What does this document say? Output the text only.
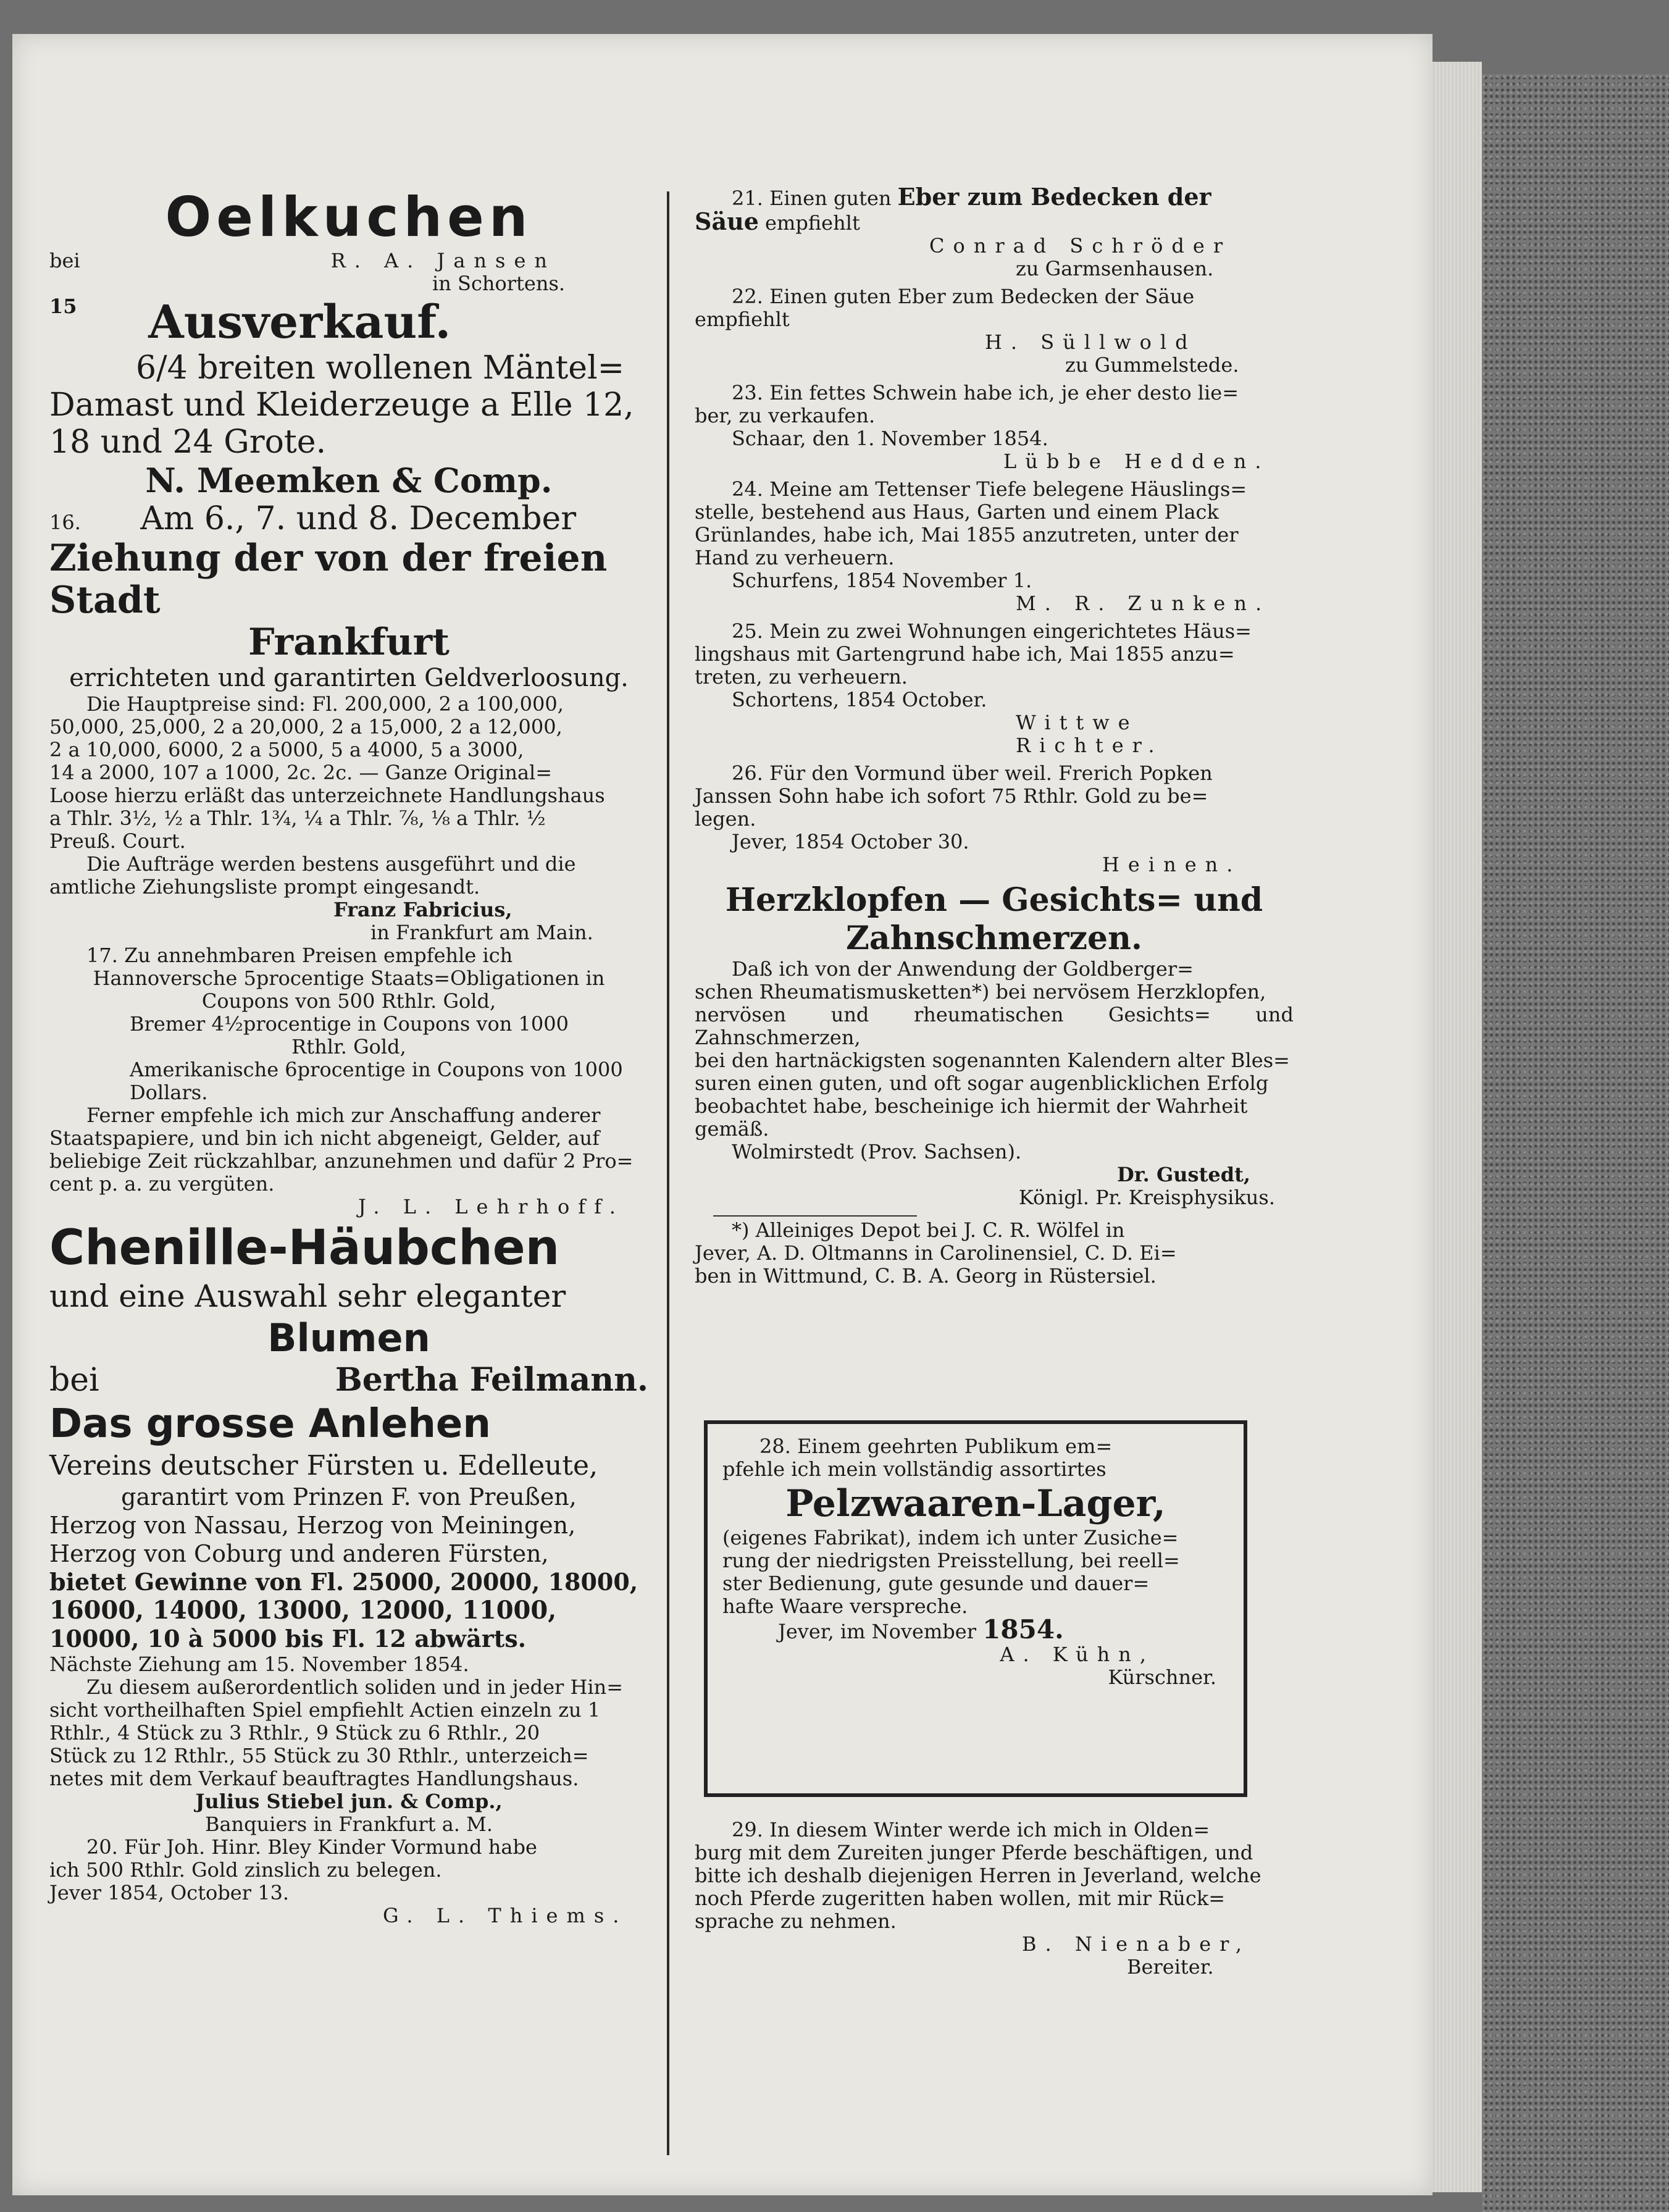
Oelkuchen

bei	R. A. Jansen

in Schortens.

$^{15}$ Ausverkauf.

6/4 breiten wollenen Mäntel=

Damast und Kleiderzeuge a Elle 12,

18 und 24 Grote.

N. Meemken & Comp.

16. Am 6., 7. und 8. December

Ziehung der von der freien Stadt

Frankfurt

errichteten und garantirten Geldverloosung.

Die Hauptpreise sind: Fl. 200,000, 2 a 100,000,

50,000, 25,000, 2 a 20,000, 2 a 15,000, 2 a 12,000,

2 a 10,000, 6000, 2 a 5000, 5 a 4000, 5 a 3000,

14 a 2000, 107 a 1000, 2c. 2c. — Ganze Original=

Loose hierzu erläßt das unterzeichnete Handlungshaus

a Thlr. 3½, ½ a Thlr. 1¾, ¼ a Thlr. ⅞, ⅛ a Thlr. ½

Preuß. Court.

Die Aufträge werden bestens ausgeführt und die

amtliche Ziehungsliste prompt eingesandt.

Franz Fabricius,

in Frankfurt am Main.

17. Zu annehmbaren Preisen empfehle ich

Hannoversche 5procentige Staats=Obligationen in

Coupons von 500 Rthlr. Gold,

Bremer 4½procentige in Coupons von 1000

Rthlr. Gold,

Amerikanische 6procentige in Coupons von 1000

Dollars.

Ferner empfehle ich mich zur Anschaffung anderer

Staatspapiere, und bin ich nicht abgeneigt, Gelder, auf

beliebige Zeit rückzahlbar, anzunehmen und dafür 2 Pro=

cent p. a. zu vergüten.

J. L. Lehrhoff.

Chenille-Häubchen

und eine Auswahl sehr eleganter

Blumen

bei	Bertha Feilmann.

Das grosse Anlehen

Vereins deutscher Fürsten u. Edelleute,

garantirt vom Prinzen F. von Preußen,

Herzog von Nassau, Herzog von Meiningen,

Herzog von Coburg und anderen Fürsten,

bietet Gewinne von Fl. 25000, 20000, 18000,

16000, 14000, 13000, 12000, 11000,

10000, 10 à 5000 bis Fl. 12 abwärts.

Nächste Ziehung am 15. November 1854.

Zu diesem außerordentlich soliden und in jeder Hin=

sicht vortheilhaften Spiel empfiehlt Actien einzeln zu 1

Rthlr., 4 Stück zu 3 Rthlr., 9 Stück zu 6 Rthlr., 20

Stück zu 12 Rthlr., 55 Stück zu 30 Rthlr., unterzeich=

netes mit dem Verkauf beauftragtes Handlungshaus.

Julius Stiebel jun. & Comp.,

Banquiers in Frankfurt a. M.

20. Für Joh. Hinr. Bley Kinder Vormund habe

ich 500 Rthlr. Gold zinslich zu belegen.

Jever 1854, October 13.

G. L. Thiems.

21. Einen guten Eber zum Bedecken der

Säue empfiehlt

Conrad Schröder

zu Garmsenhausen.

22. Einen guten Eber zum Bedecken der Säue

empfiehlt

H. Süllwold

zu Gummelstede.

23. Ein fettes Schwein habe ich, je eher desto lie=

ber, zu verkaufen.

Schaar, den 1. November 1854.

Lübbe Hedden.

24. Meine am Tettenser Tiefe belegene Häuslings=

stelle, bestehend aus Haus, Garten und einem Plack

Grünlandes, habe ich, Mai 1855 anzutreten, unter der

Hand zu verheuern.

Schurfens, 1854 November 1.

M. R. Zunken.

25. Mein zu zwei Wohnungen eingerichtetes Häus=

lingshaus mit Gartengrund habe ich, Mai 1855 anzu=

treten, zu verheuern.

Schortens, 1854 October.

Wittwe Richter.

26. Für den Vormund über weil. Frerich Popken

Janssen Sohn habe ich sofort 75 Rthlr. Gold zu be=

legen.

Jever, 1854 October 30.

Heinen.

Herzklopfen — Gesichts= und

Zahnschmerzen.

Daß ich von der Anwendung der Goldberger=

schen Rheumatismusketten*) bei nervösem Herzklopfen,

nervösen und rheumatischen Gesichts= und Zahnschmerzen,

bei den hartnäckigsten sogenannten Kalendern alter Bles=

suren einen guten, und oft sogar augenblicklichen Erfolg

beobachtet habe, bescheinige ich hiermit der Wahrheit

gemäß.

Wolmirstedt (Prov. Sachsen).

Dr. Gustedt,

Königl. Pr. Kreisphysikus.

*) Alleiniges Depot bei J. C. R. Wölfel in

Jever, A. D. Oltmanns in Carolinensiel, C. D. Ei=

ben in Wittmund, C. B. A. Georg in Rüstersiel.

28. Einem geehrten Publikum em=

pfehle ich mein vollständig assortirtes

Pelzwaaren-Lager,

(eigenes Fabrikat), indem ich unter Zusiche=

rung der niedrigsten Preisstellung, bei reell=

ster Bedienung, gute gesunde und dauer=

hafte Waare verspreche.

Jever, im November 1854.

A. Kühn,

Kürschner.

29. In diesem Winter werde ich mich in Olden=

burg mit dem Zureiten junger Pferde beschäftigen, und

bitte ich deshalb diejenigen Herren in Jeverland, welche

noch Pferde zugeritten haben wollen, mit mir Rück=

sprache zu nehmen.

B. Nienaber,

Bereiter.
